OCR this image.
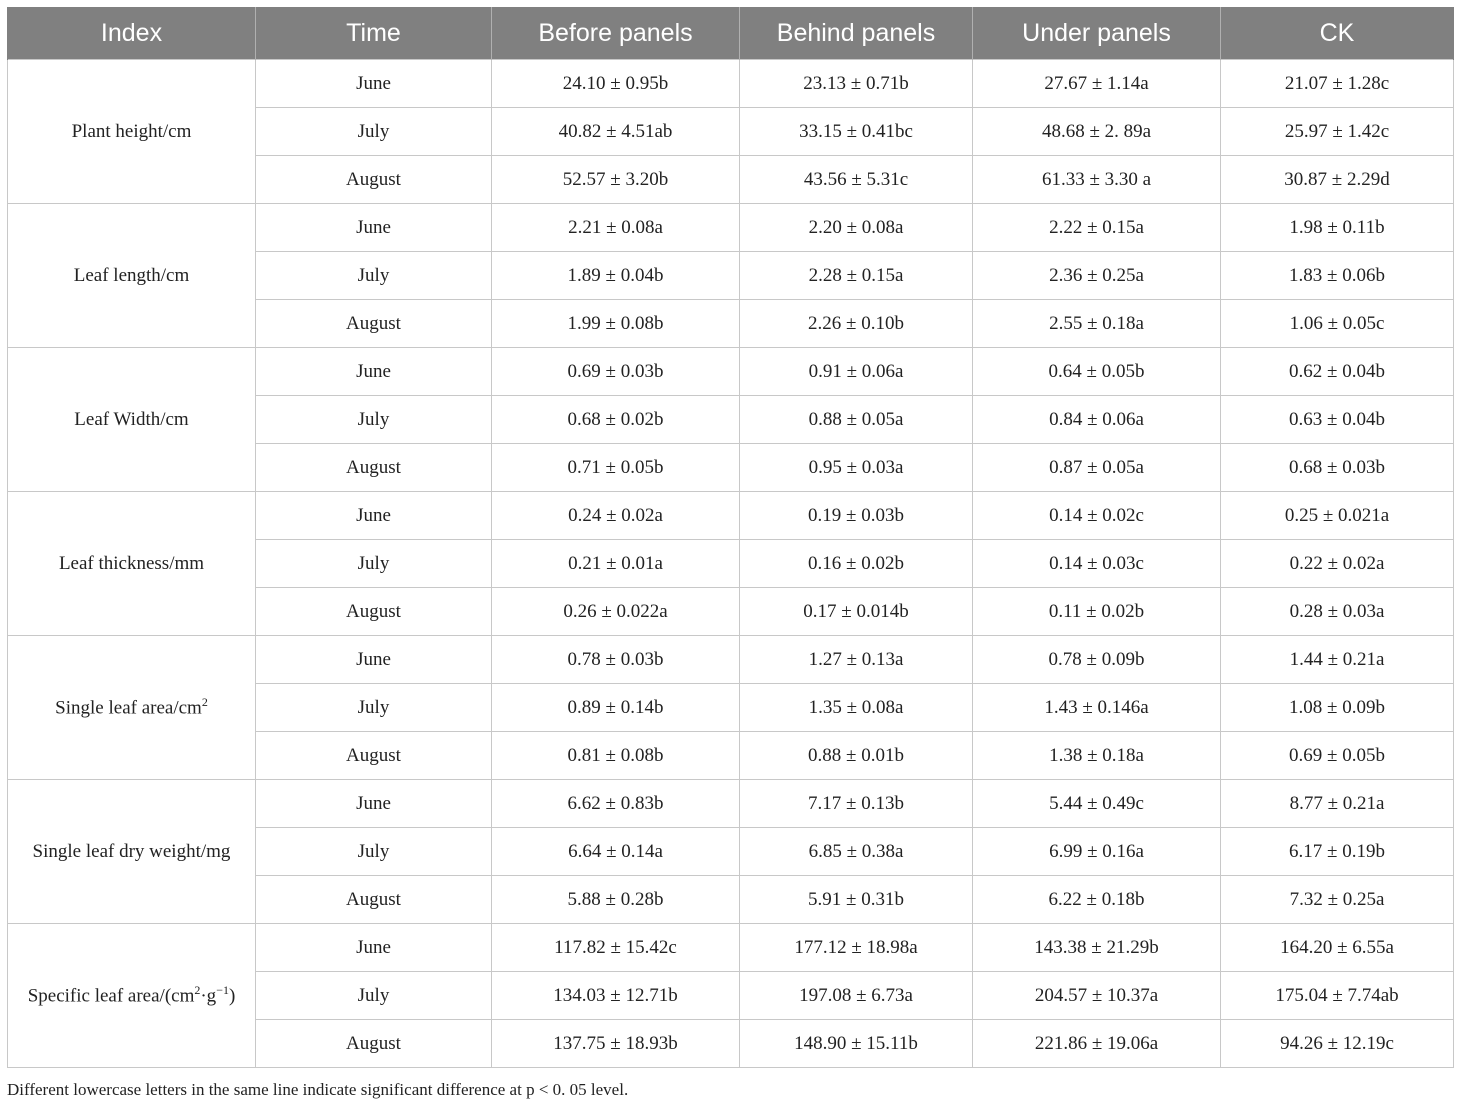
Index	Time	Before panels	Behind panels	Under panels	CK
Plant height/cm	June	24.10 ± 0.95b	23.13 ± 0.71b	27.67 ± 1.14a	21.07 ± 1.28c
	July	40.82 ± 4.51ab	33.15 ± 0.41bc	48.68 ± 2. 89a	25.97 ± 1.42c
	August	52.57 ± 3.20b	43.56 ± 5.31c	61.33 ± 3.30 a	30.87 ± 2.29d
Leaf length/cm	June	2.21 ± 0.08a	2.20 ± 0.08a	2.22 ± 0.15a	1.98 ± 0.11b
	July	1.89 ± 0.04b	2.28 ± 0.15a	2.36 ± 0.25a	1.83 ± 0.06b
	August	1.99 ± 0.08b	2.26 ± 0.10b	2.55 ± 0.18a	1.06 ± 0.05c
Leaf Width/cm	June	0.69 ± 0.03b	0.91 ± 0.06a	0.64 ± 0.05b	0.62 ± 0.04b
	July	0.68 ± 0.02b	0.88 ± 0.05a	0.84 ± 0.06a	0.63 ± 0.04b
	August	0.71 ± 0.05b	0.95 ± 0.03a	0.87 ± 0.05a	0.68 ± 0.03b
Leaf thickness/mm	June	0.24 ± 0.02a	0.19 ± 0.03b	0.14 ± 0.02c	0.25 ± 0.021a
	July	0.21 ± 0.01a	0.16 ± 0.02b	0.14 ± 0.03c	0.22 ± 0.02a
	August	0.26 ± 0.022a	0.17 ± 0.014b	0.11 ± 0.02b	0.28 ± 0.03a
Single leaf area/$cm^2$	June	0.78 ± 0.03b	1.27 ± 0.13a	0.78 ± 0.09b	1.44 ± 0.21a
	July	0.89 ± 0.14b	1.35 ± 0.08a	1.43 ± 0.146a	1.08 ± 0.09b
	August	0.81 ± 0.08b	0.88 ± 0.01b	1.38 ± 0.18a	0.69 ± 0.05b
Single leaf dry weight/mg	June	6.62 ± 0.83b	7.17 ± 0.13b	5.44 ± 0.49c	8.77 ± 0.21a
	July	6.64 ± 0.14a	6.85 ± 0.38a	6.99 ± 0.16a	6.17 ± 0.19b
	August	5.88 ± 0.28b	5.91 ± 0.31b	6.22 ± 0.18b	7.32 ± 0.25a
Specific leaf area/$(cm^2\cdot g^{-1})$	June	117.82 ± 15.42c	177.12 ± 18.98a	143.38 ± 21.29b	164.20 ± 6.55a
	July	134.03 ± 12.71b	197.08 ± 6.73a	204.57 ± 10.37a	175.04 ± 7.74ab
	August	137.75 ± 18.93b	148.90 ± 15.11b	221.86 ± 19.06a	94.26 ± 12.19c
Different lowercase letters in the same line indicate significant difference at p < 0. 05 level.
